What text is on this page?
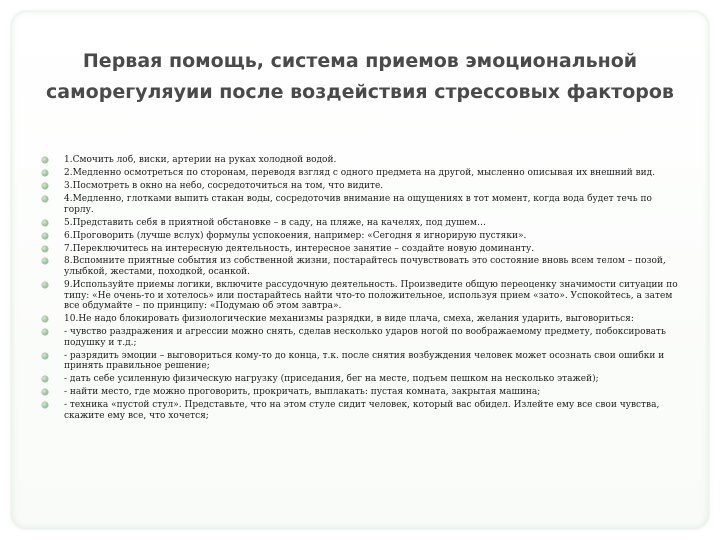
Первая помощь, система приемов эмоциональной саморегуляуии после воздействия стрессовых факторов
1.Смочить лоб, виски, артерии на руках холодной водой.
2.Медленно осмотреться по сторонам, переводя взгляд с одного предмета на другой, мысленно описывая их внешний вид.
3.Посмотреть в окно на небо, сосредоточиться на том, что видите.
4.Медленно, глотками выпить стакан воды, сосредоточив внимание на ощущениях в тот момент, когда вода будет течь по горлу.
5.Представить себя в приятной обстановке – в саду, на пляже, на качелях, под душем…
6.Проговорить (лучше вслух) формулы успокоения, например: «Сегодня я игнорирую пустяки».
7.Переключитесь на интересную деятельность, интересное занятие – создайте новую доминанту.
8.Вспомните приятные события из собственной жизни, постарайтесь почувствовать это состояние вновь всем телом – позой, улыбкой, жестами, походкой, осанкой.
9.Используйте приемы логики, включите рассудочную деятельность. Произведите общую переоценку значимости ситуации по типу: «Не очень-то и хотелось» или постарайтесь найти что-то положительное, используя прием «зато». Успокойтесь, а затем все обдумайте – по принципу: «Подумаю об этом завтра».
10.Не надо блокировать физиологические механизмы разрядки, в виде плача, смеха, желания ударить, выговориться:
- чувство раздражения и агрессии можно снять, сделав несколько ударов ногой по воображаемому предмету, побоксировать подушку и т.д.;
- разрядить эмоции – выговориться кому-то до конца, т.к. после снятия возбуждения человек может осознать свои ошибки и принять правильное решение;
- дать себе усиленную физическую нагрузку (приседания, бег на месте, подъем пешком на несколько этажей);
- найти место, где можно проговорить, прокричать, выплакать: пустая комната, закрытая машина;
- техника «пустой стул». Представьте, что на этом стуле сидит человек, который вас обидел. Излейте ему все свои чувства, скажите ему все, что хочется;
